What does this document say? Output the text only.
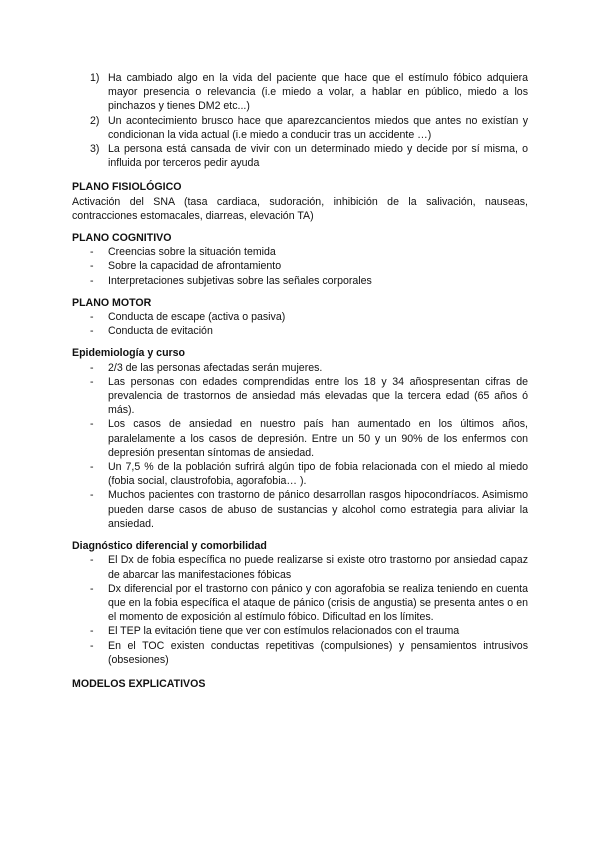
1) Ha cambiado algo en la vida del paciente que hace que el estímulo fóbico adquiera mayor presencia o relevancia (i.e miedo a volar, a hablar en público, miedo a los pinchazos y tienes DM2 etc...)
2) Un acontecimiento brusco hace que aparezcancientos miedos que antes no existían y condicionan la vida actual (i.e miedo a conducir tras un accidente …)
3) La persona está cansada de vivir con un determinado miedo y decide por sí misma, o influida por terceros pedir ayuda
PLANO FISIOLÓGICO
Activación del SNA (tasa cardiaca, sudoración, inhibición de la salivación, nauseas, contracciones estomacales, diarreas, elevación TA)
PLANO COGNITIVO
- Creencias sobre la situación temida
- Sobre la capacidad de afrontamiento
- Interpretaciones subjetivas sobre las señales corporales
PLANO MOTOR
- Conducta de escape (activa o pasiva)
- Conducta de evitación
Epidemiología y curso
- 2/3 de las personas afectadas serán mujeres.
- Las personas con edades comprendidas entre los 18 y 34 añospresentan cifras de prevalencia de trastornos de ansiedad más elevadas que la tercera edad (65 años ó más).
- Los casos de ansiedad en nuestro país han aumentado en los últimos años, paralelamente a los casos de depresión. Entre un 50 y un 90% de los enfermos con depresión presentan síntomas de ansiedad.
- Un 7,5 % de la población sufrirá algún tipo de fobia relacionada con el miedo al miedo (fobia social, claustrofobia, agorafobia… ).
- Muchos pacientes con trastorno de pánico desarrollan rasgos hipocondríacos. Asimismo pueden darse casos de abuso de sustancias y alcohol como estrategia para aliviar la ansiedad.
Diagnóstico diferencial y comorbilidad
- El Dx de fobia específica no puede realizarse si existe otro trastorno por ansiedad capaz de abarcar las manifestaciones fóbicas
- Dx diferencial por el trastorno con pánico y con agorafobia se realiza teniendo en cuenta que en la fobia específica el ataque de pánico (crisis de angustia) se presenta antes o en el momento de exposición al estímulo fóbico. Dificultad en los límites.
- El TEP la evitación tiene que ver con estímulos relacionados con el trauma
- En el TOC existen conductas repetitivas (compulsiones) y pensamientos intrusivos (obsesiones)
MODELOS EXPLICATIVOS
